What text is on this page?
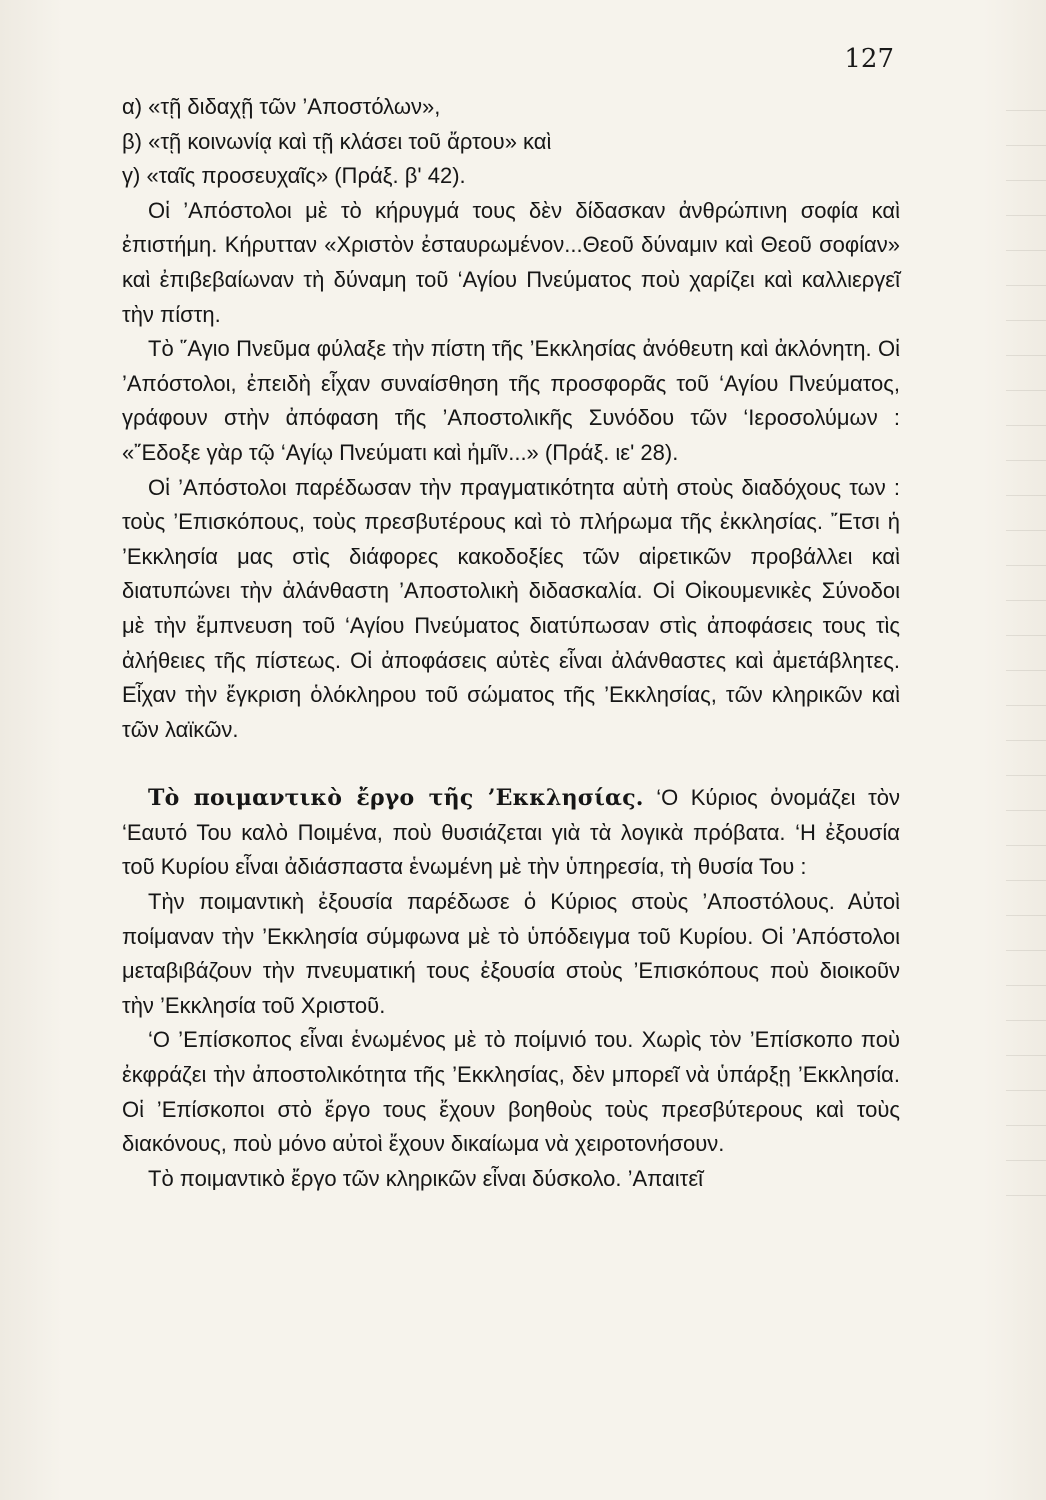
127

α) «τῇ διδαχῇ τῶν ’Αποστόλων»,

β) «τῇ κοινωνίᾳ καὶ τῇ κλάσει τοῦ ἄρτου» καὶ

γ) «ταῖς προσευχαῖς» (Πράξ. β' 42).

Οἱ ’Απόστολοι μὲ τὸ κήρυγμά τους δὲν δίδασκαν ἀνθρώπινη σοφία καὶ ἐπιστήμη. Κήρυτταν «Χριστὸν ἐσταυρωμένον...Θεοῦ δύναμιν καὶ Θεοῦ σοφίαν» καὶ ἐπιβεβαίωναν τὴ δύναμη τοῦ ‘Αγίου Πνεύματος ποὺ χαρίζει καὶ καλλιεργεῖ τὴν πίστη.

Τὸ ῞Αγιο Πνεῦμα φύλαξε τὴν πίστη τῆς ’Εκκλησίας ἀνόθευτη καὶ ἀκλόνητη. Οἱ ’Απόστολοι, ἐπειδὴ εἶχαν συναίσθηση τῆς προσφορᾶς τοῦ ‘Αγίου Πνεύματος, γράφουν στὴν ἀπόφαση τῆς ’Αποστολικῆς Συνόδου τῶν ‘Ιεροσολύμων : «῎Εδοξε γὰρ τῷ ‘Αγίῳ Πνεύματι καὶ ἡμῖν...» (Πράξ. ιε' 28).

Οἱ ’Απόστολοι παρέδωσαν τὴν πραγματικότητα αὐτὴ στοὺς διαδόχους των : τοὺς ’Επισκόπους, τοὺς πρεσβυτέρους καὶ τὸ πλήρωμα τῆς ἐκκλησίας. ῎Ετσι ἡ ’Εκκλησία μας στὶς διάφορες κακοδοξίες τῶν αἱρετικῶν προβάλλει καὶ διατυπώνει τὴν ἀλάνθαστη ’Αποστολικὴ διδασκαλία. Οἱ Οἰκουμενικὲς Σύνοδοι μὲ τὴν ἔμπνευση τοῦ ‘Αγίου Πνεύματος διατύπωσαν στὶς ἀποφάσεις τους τὶς ἀλήθειες τῆς πίστεως. Οἱ ἀποφάσεις αὐτὲς εἶναι ἀλάνθαστες καὶ ἀμετάβλητες. Εἶχαν τὴν ἔγκριση ὁλόκληρου τοῦ σώματος τῆς ’Εκκλησίας, τῶν κληρικῶν καὶ τῶν λαϊκῶν.

Τὸ ποιμαντικὸ ἔργο τῆς ’Εκκλησίας. ‘Ο Κύριος ὀνομάζει τὸν ‘Εαυτό Του καλὸ Ποιμένα, ποὺ θυσιάζεται γιὰ τὰ λογικὰ πρόβατα. ‘Η ἐξουσία τοῦ Κυρίου εἶναι ἀδιάσπαστα ἑνωμένη μὲ τὴν ὑπηρεσία, τὴ θυσία Του :

Τὴν ποιμαντικὴ ἐξουσία παρέδωσε ὁ Κύριος στοὺς ’Αποστόλους. Αὐτοὶ ποίμαναν τὴν ’Εκκλησία σύμφωνα μὲ τὸ ὑπόδειγμα τοῦ Κυρίου. Οἱ ’Απόστολοι μεταβιβάζουν τὴν πνευματική τους ἐξουσία στοὺς ’Επισκόπους ποὺ διοικοῦν τὴν ’Εκκλησία τοῦ Χριστοῦ.

‘Ο ’Επίσκοπος εἶναι ἑνωμένος μὲ τὸ ποίμνιό του. Χωρὶς τὸν ’Επίσκοπο ποὺ ἐκφράζει τὴν ἀποστολικότητα τῆς ’Εκκλησίας, δὲν μπορεῖ νὰ ὑπάρξῃ ’Εκκλησία. Οἱ ’Επίσκοποι στὸ ἔργο τους ἔχουν βοηθοὺς τοὺς πρεσβύτερους καὶ τοὺς διακόνους, ποὺ μόνο αὐτοὶ ἔχουν δικαίωμα νὰ χειροτονήσουν.

Τὸ ποιμαντικὸ ἔργο τῶν κληρικῶν εἶναι δύσκολο. ’Απαιτεῖ
